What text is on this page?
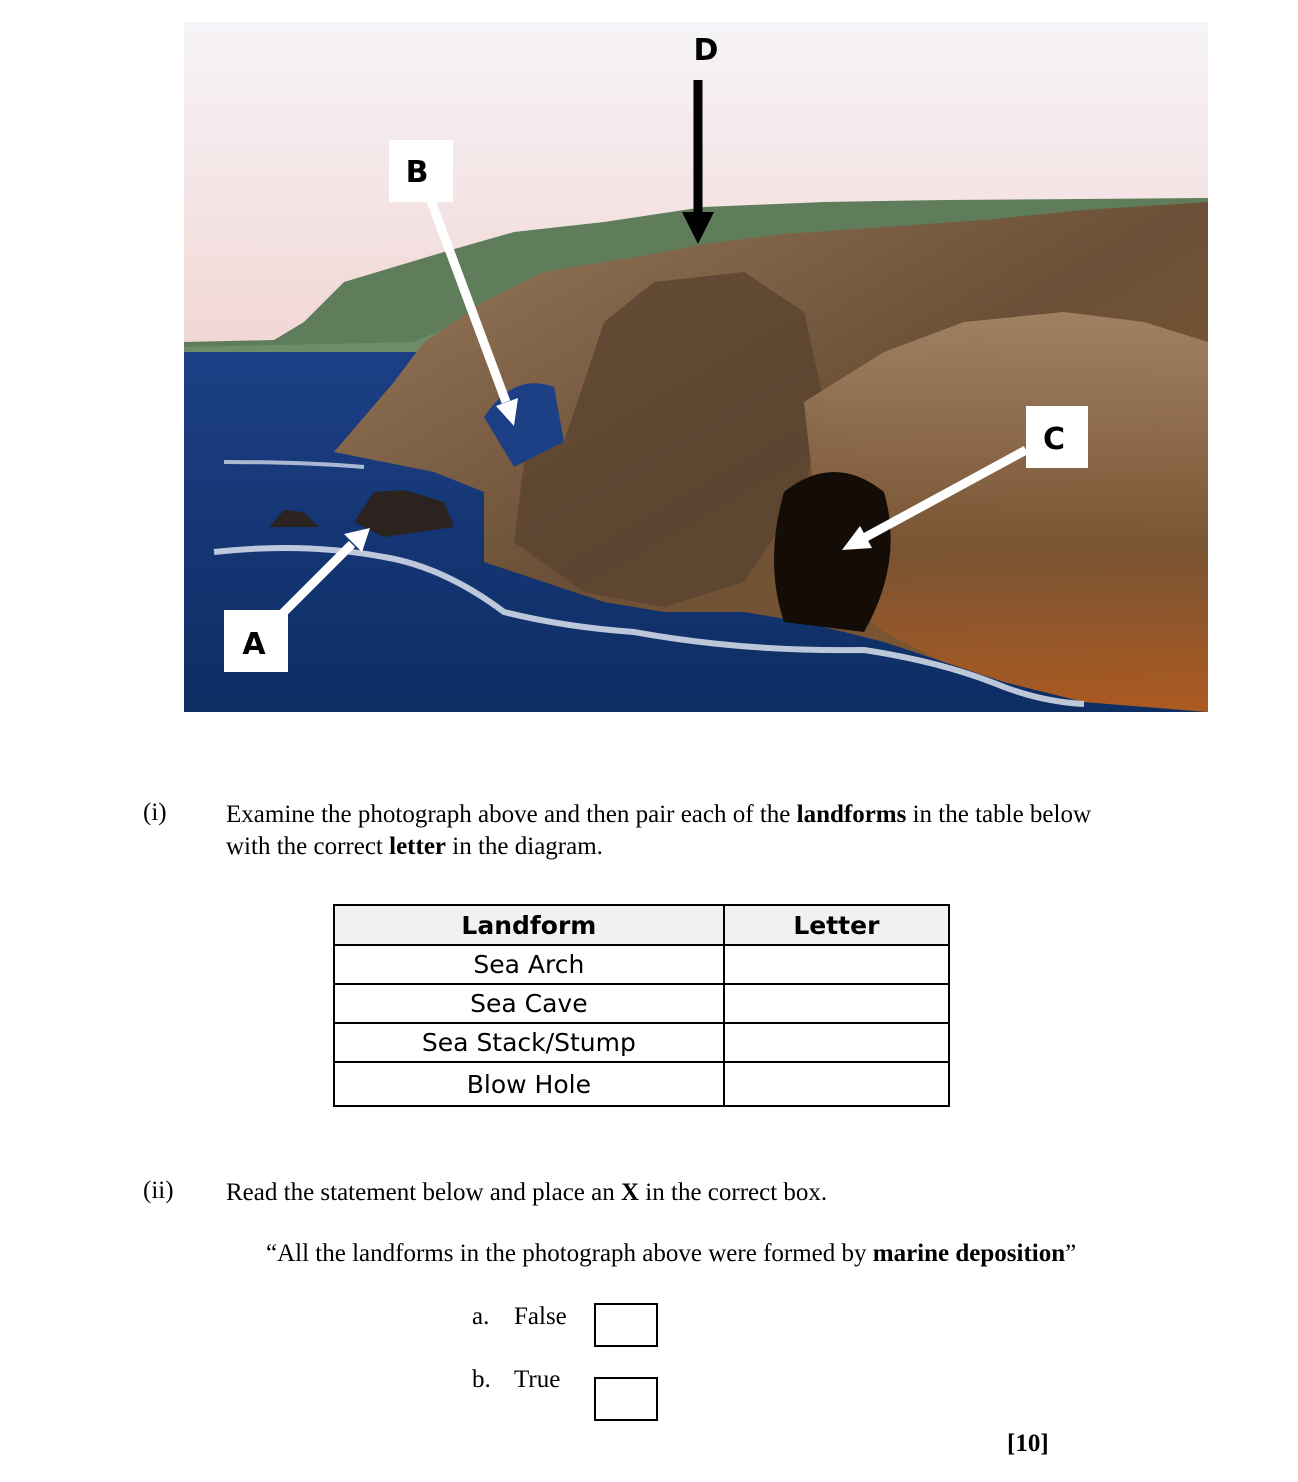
D
B
C
A
(i) Examine the photograph above and then pair each of the landforms in the table below
with the correct letter in the diagram.
Landform	Letter
Sea Arch	
Sea Cave	
Sea Stack/Stump	
Blow Hole	
(ii) Read the statement below and place an X in the correct box.
“All the landforms in the photograph above were formed by marine deposition”
a. False
b. True
[10]
